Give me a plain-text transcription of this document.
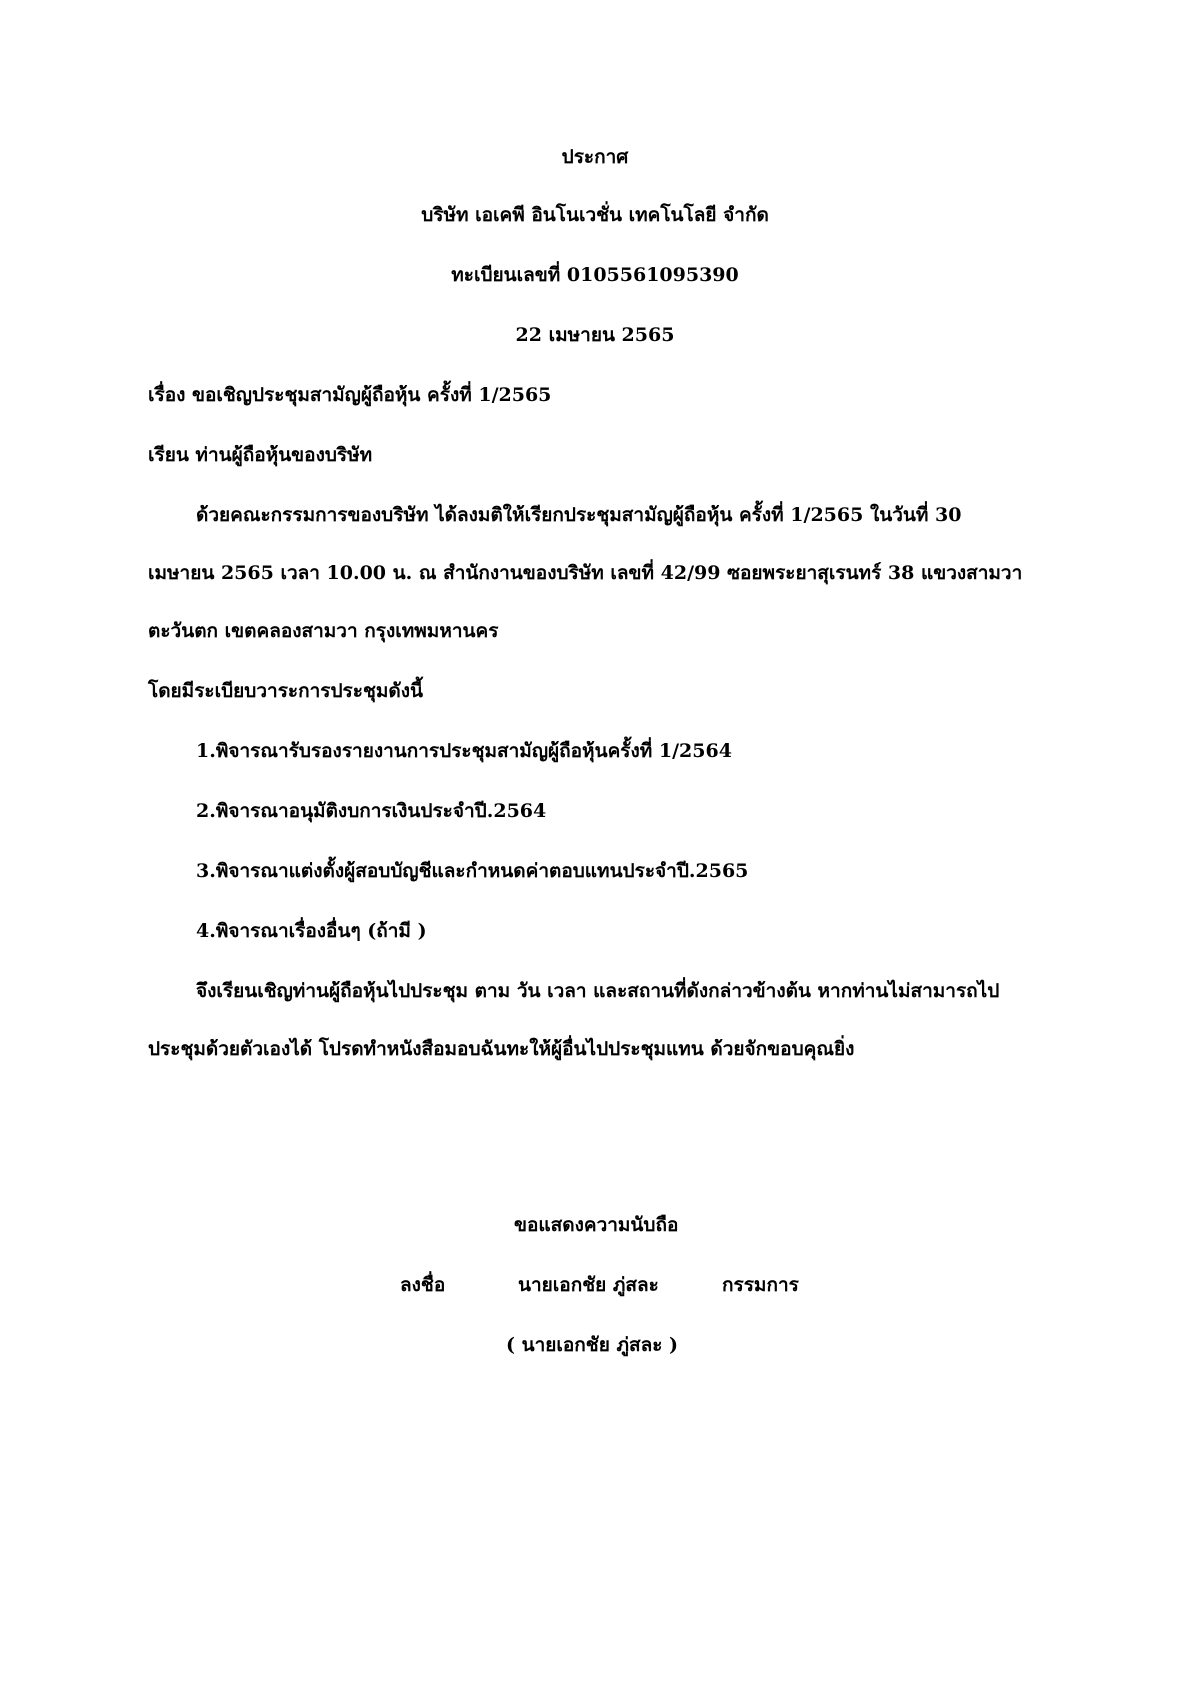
ประกาศ
บริษัท เอเคพี อินโนเวชั่น เทคโนโลยี จำกัด
ทะเบียนเลขที่ 0105561095390
22 เมษายน 2565
เรื่อง ขอเชิญประชุมสามัญผู้ถือหุ้น ครั้งที่ 1/2565
เรียน ท่านผู้ถือหุ้นของบริษัท
ด้วยคณะกรรมการของบริษัท ได้ลงมติให้เรียกประชุมสามัญผู้ถือหุ้น ครั้งที่ 1/2565 ในวันที่ 30
เมษายน 2565 เวลา 10.00 น. ณ สำนักงานของบริษัท เลขที่ 42/99 ซอยพระยาสุเรนทร์ 38 แขวงสามวา
ตะวันตก เขตคลองสามวา กรุงเทพมหานคร
โดยมีระเบียบวาระการประชุมดังนี้
1.พิจารณารับรองรายงานการประชุมสามัญผู้ถือหุ้นครั้งที่ 1/2564
2.พิจารณาอนุมัติงบการเงินประจำปี.2564
3.พิจารณาแต่งตั้งผู้สอบบัญชีและกำหนดค่าตอบแทนประจำปี.2565
4.พิจารณาเรื่องอื่นๆ (ถ้ามี )
จึงเรียนเชิญท่านผู้ถือหุ้นไปประชุม ตาม วัน เวลา และสถานที่ดังกล่าวข้างต้น หากท่านไม่สามารถไป
ประชุมด้วยตัวเองได้ โปรดทำหนังสือมอบฉันทะให้ผู้อื่นไปประชุมแทน ด้วยจักขอบคุณยิ่ง
ขอแสดงความนับถือ
ลงชื่อ	นายเอกชัย ภู่สละ	กรรมการ
( นายเอกชัย ภู่สละ )
